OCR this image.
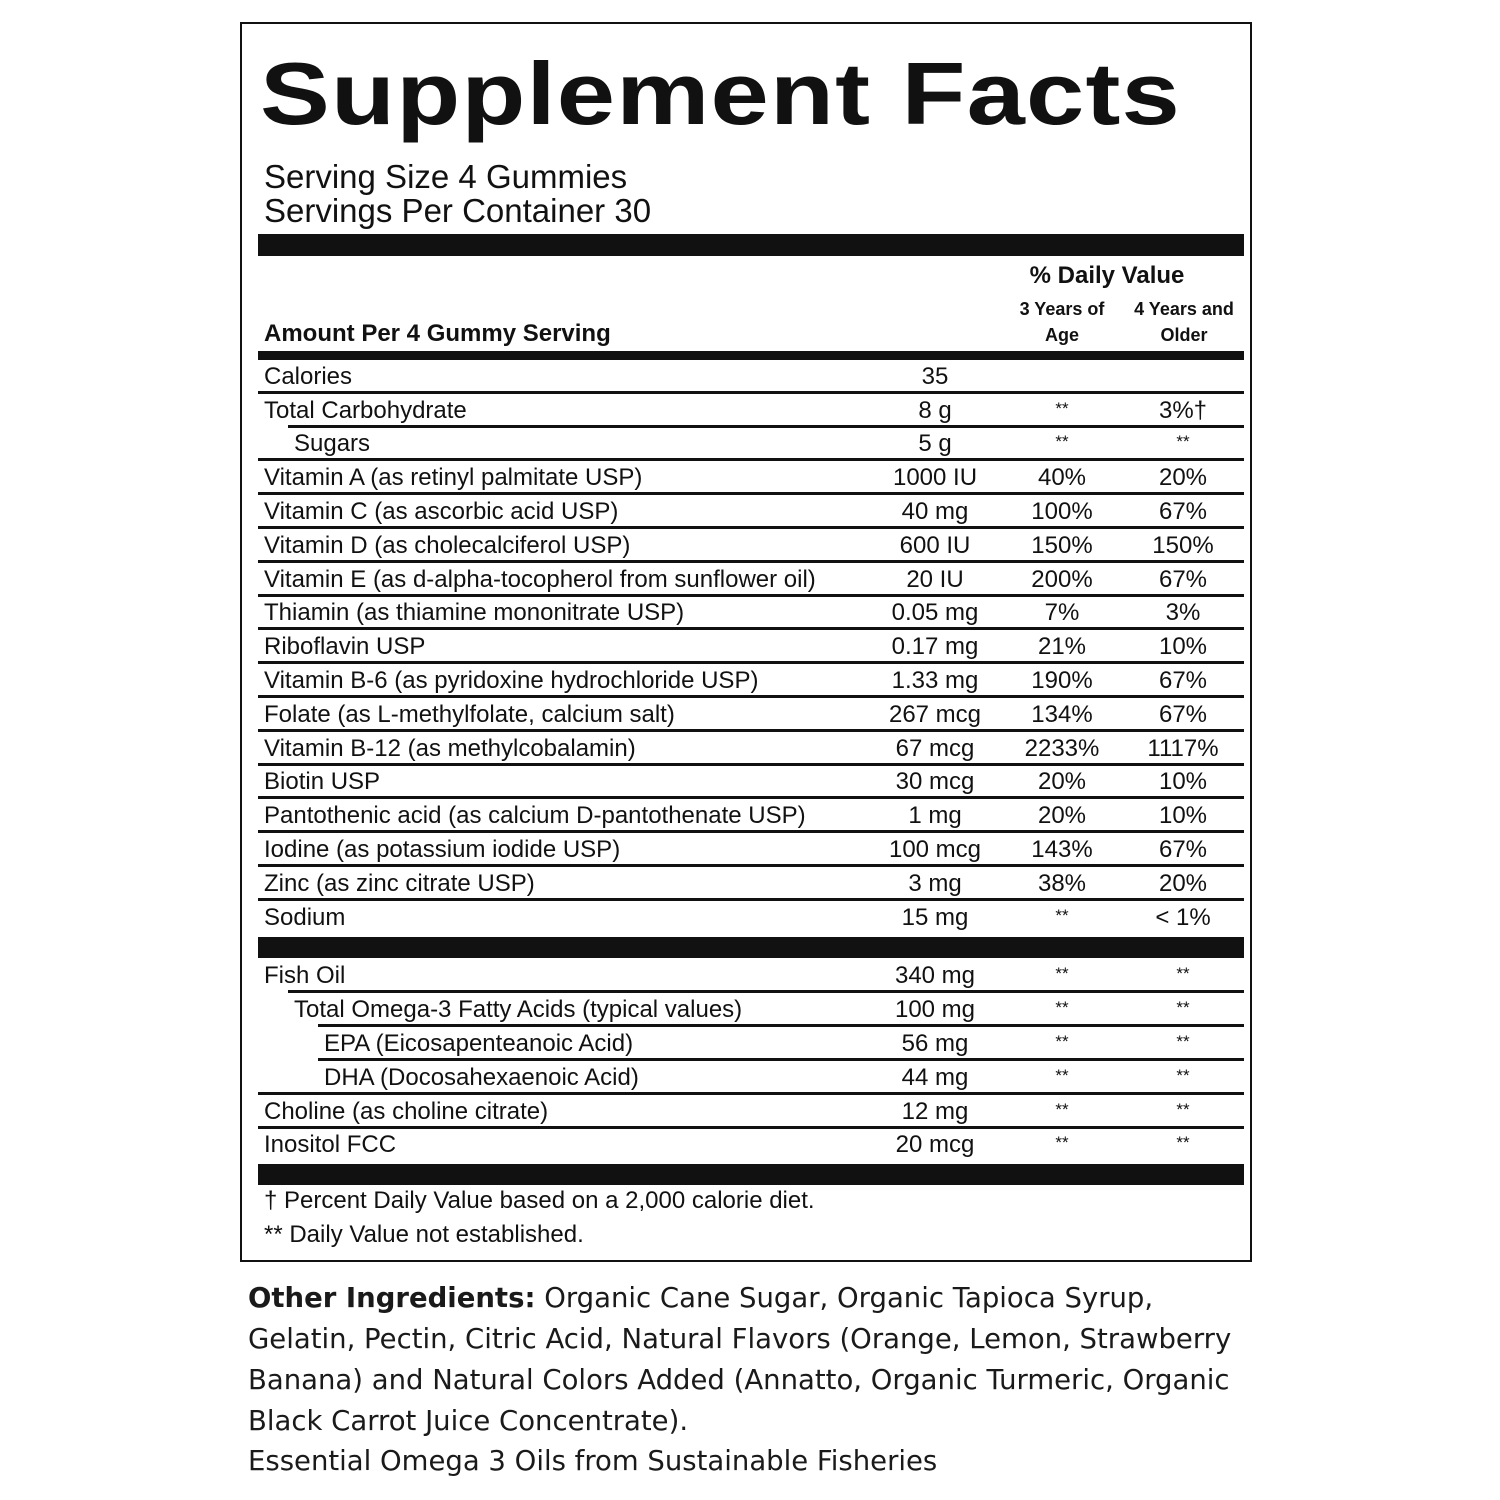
Supplement Facts
Serving Size 4 Gummies
Servings Per Container 30
% Daily Value
3 Years of
Age
4 Years and
Older
Amount Per 4 Gummy Serving
Calories	35
Total Carbohydrate	8 g	**	3%†
Sugars	5 g	**	**
Vitamin A (as retinyl palmitate USP)	1000 IU	40%	20%
Vitamin C (as ascorbic acid USP)	40 mg	100%	67%
Vitamin D (as cholecalciferol USP)	600 IU	150%	150%
Vitamin E (as d-alpha-tocopherol from sunflower oil)	20 IU	200%	67%
Thiamin (as thiamine mononitrate USP)	0.05 mg	7%	3%
Riboflavin USP	0.17 mg	21%	10%
Vitamin B-6 (as pyridoxine hydrochloride USP)	1.33 mg	190%	67%
Folate (as L-methylfolate, calcium salt)	267 mcg	134%	67%
Vitamin B-12 (as methylcobalamin)	67 mcg	2233%	1117%
Biotin USP	30 mcg	20%	10%
Pantothenic acid (as calcium D-pantothenate USP)	1 mg	20%	10%
Iodine (as potassium iodide USP)	100 mcg	143%	67%
Zinc (as zinc citrate USP)	3 mg	38%	20%
Sodium	15 mg	**	< 1%
Fish Oil	340 mg	**	**
Total Omega-3 Fatty Acids (typical values)	100 mg	**	**
EPA (Eicosapenteanoic Acid)	56 mg	**	**
DHA (Docosahexaenoic Acid)	44 mg	**	**
Choline (as choline citrate)	12 mg	**	**
Inositol FCC	20 mcg	**	**
† Percent Daily Value based on a 2,000 calorie diet.
** Daily Value not established.

Other Ingredients: Organic Cane Sugar, Organic Tapioca Syrup, Gelatin, Pectin, Citric Acid, Natural Flavors (Orange, Lemon, Strawberry Banana) and Natural Colors Added (Annatto, Organic Turmeric, Organic Black Carrot Juice Concentrate).

Essential Omega 3 Oils from Sustainable Fisheries
